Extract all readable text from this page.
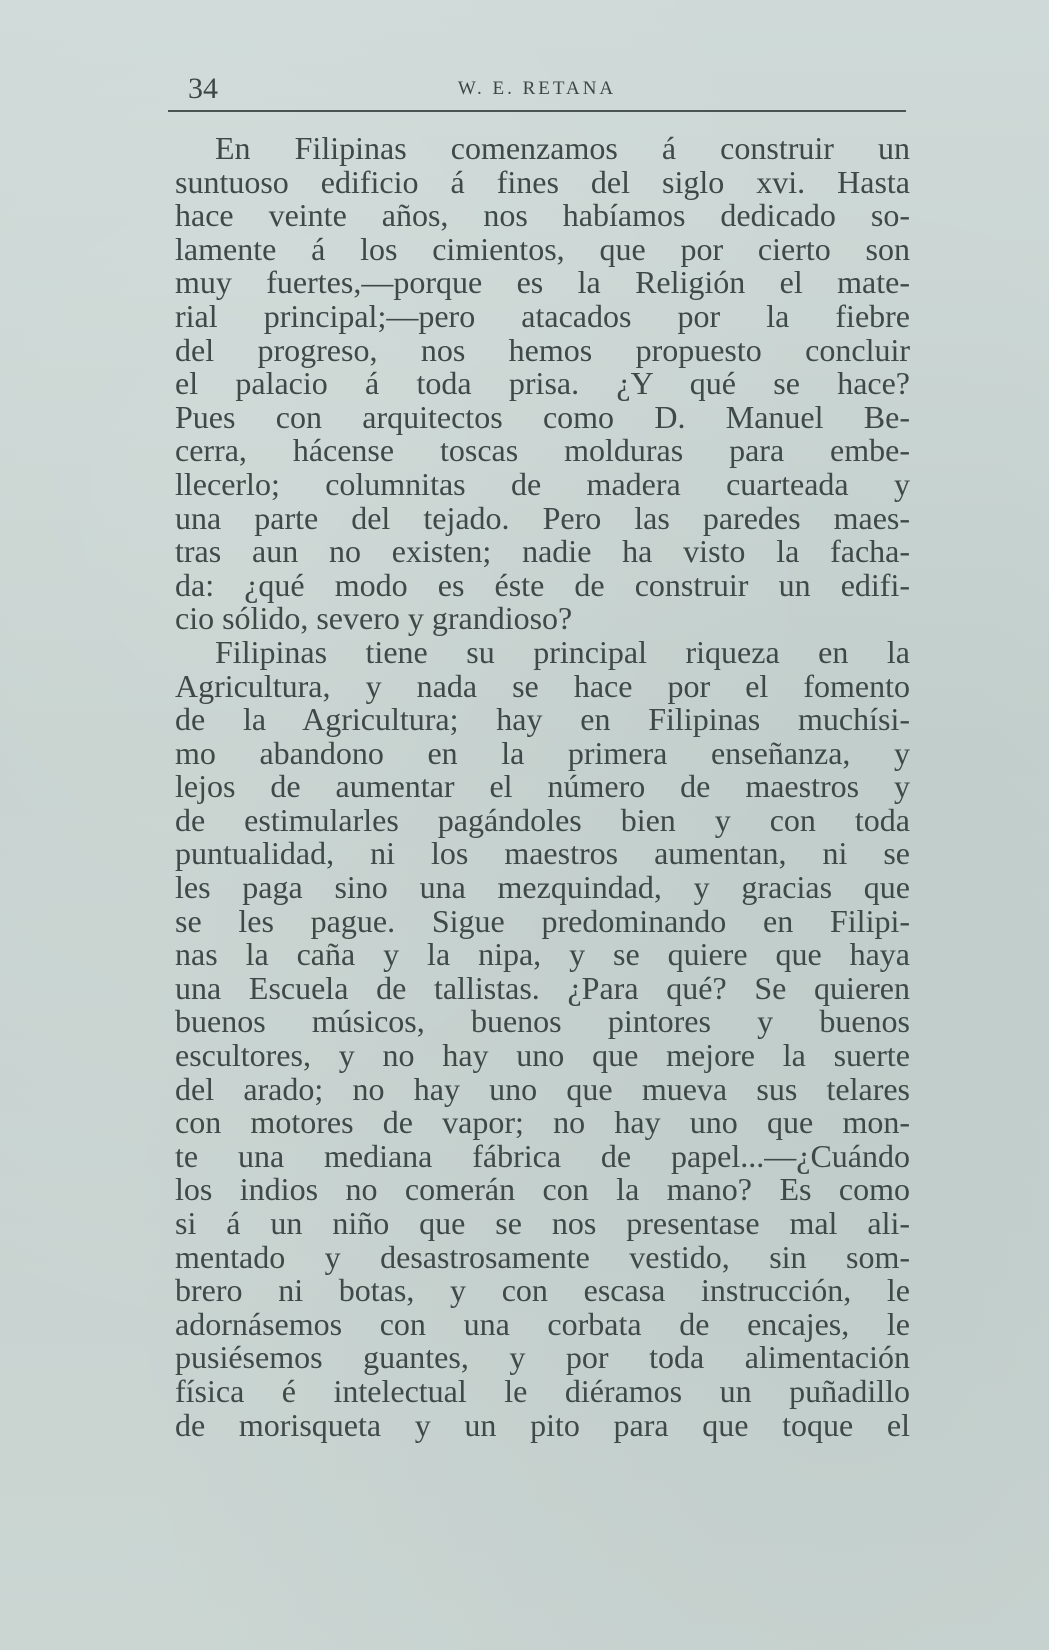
34	W. E. RETANA

En Filipinas comenzamos á construir un
suntuoso edificio á fines del siglo xvi. Hasta
hace veinte años, nos habíamos dedicado so-
lamente á los cimientos, que por cierto son
muy fuertes,—porque es la Religión el mate-
rial principal;—pero atacados por la fiebre
del progreso, nos hemos propuesto concluir
el palacio á toda prisa. ¿Y qué se hace?
Pues con arquitectos como D. Manuel Be-
cerra, hácense toscas molduras para embe-
llecerlo; columnitas de madera cuarteada y
una parte del tejado. Pero las paredes maes-
tras aun no existen; nadie ha visto la facha-
da: ¿qué modo es éste de construir un edifi-
cio sólido, severo y grandioso?

Filipinas tiene su principal riqueza en la
Agricultura, y nada se hace por el fomento
de la Agricultura; hay en Filipinas muchísi-
mo abandono en la primera enseñanza, y
lejos de aumentar el número de maestros y
de estimularles pagándoles bien y con toda
puntualidad, ni los maestros aumentan, ni se
les paga sino una mezquindad, y gracias que
se les pague. Sigue predominando en Filipi-
nas la caña y la nipa, y se quiere que haya
una Escuela de tallistas. ¿Para qué? Se quieren
buenos músicos, buenos pintores y buenos
escultores, y no hay uno que mejore la suerte
del arado; no hay uno que mueva sus telares
con motores de vapor; no hay uno que mon-
te una mediana fábrica de papel...—¿Cuándo
los indios no comerán con la mano? Es como
si á un niño que se nos presentase mal ali-
mentado y desastrosamente vestido, sin som-
brero ni botas, y con escasa instrucción, le
adornásemos con una corbata de encajes, le
pusiésemos guantes, y por toda alimentación
física é intelectual le diéramos un puñadillo
de morisqueta y un pito para que toque el
